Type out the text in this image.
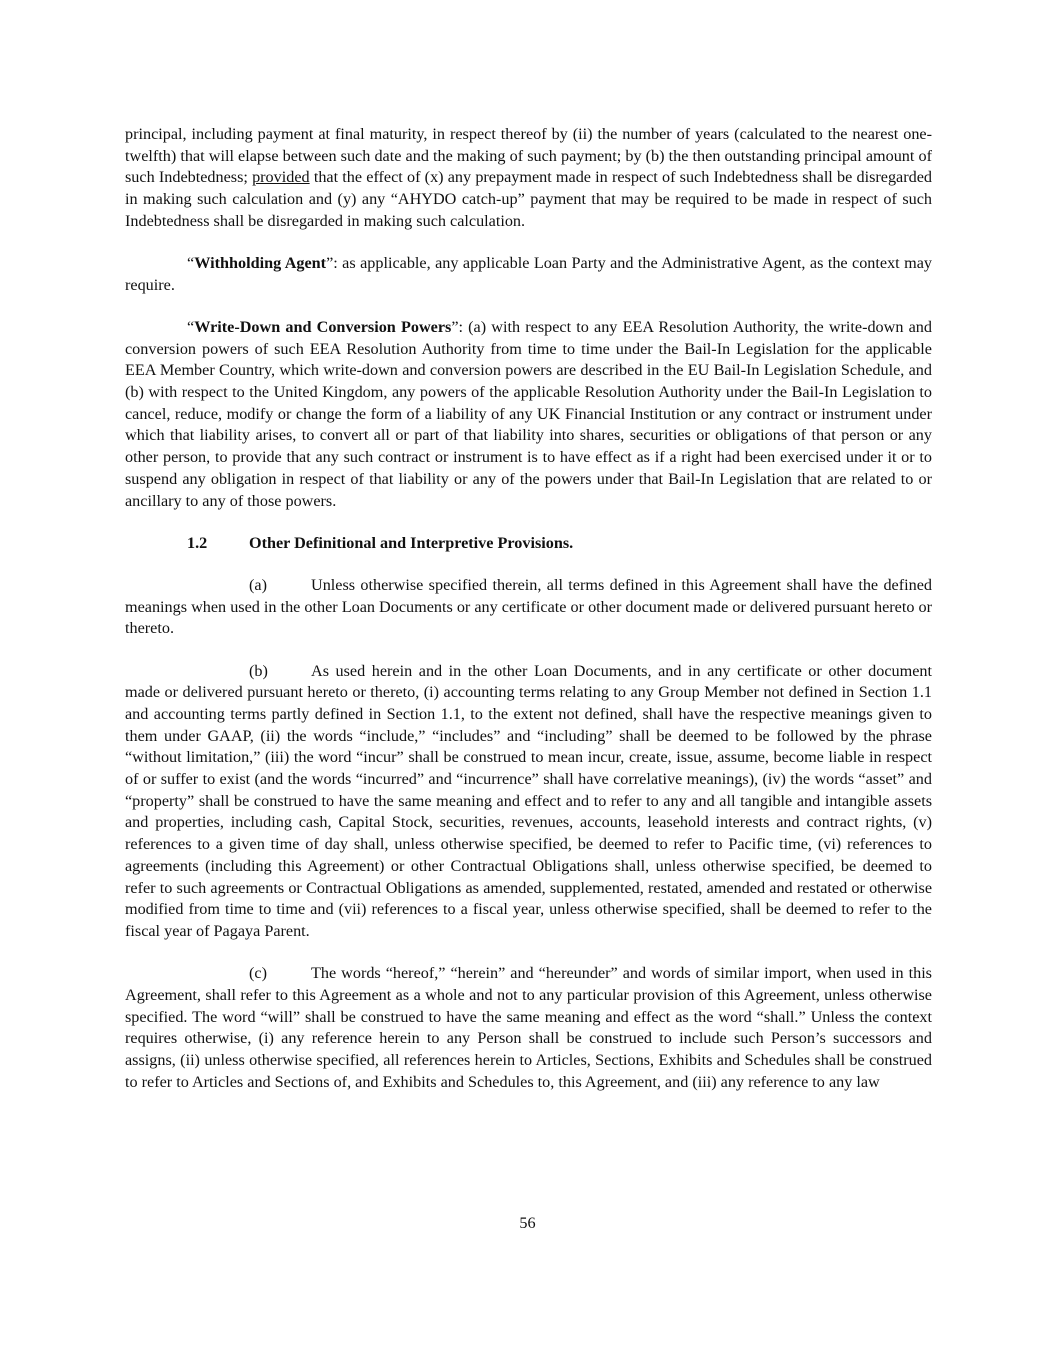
principal, including payment at final maturity, in respect thereof by (ii) the number of years (calculated to the nearest one-twelfth) that will elapse between such date and the making of such payment; by (b) the then outstanding principal amount of such Indebtedness; provided that the effect of (x) any prepayment made in respect of such Indebtedness shall be disregarded in making such calculation and (y) any “AHYDO catch-up” payment that may be required to be made in respect of such Indebtedness shall be disregarded in making such calculation.

“Withholding Agent”: as applicable, any applicable Loan Party and the Administrative Agent, as the context may require.

“Write-Down and Conversion Powers”: (a) with respect to any EEA Resolution Authority, the write-down and conversion powers of such EEA Resolution Authority from time to time under the Bail-In Legislation for the applicable EEA Member Country, which write-down and conversion powers are described in the EU Bail-In Legislation Schedule, and (b) with respect to the United Kingdom, any powers of the applicable Resolution Authority under the Bail-In Legislation to cancel, reduce, modify or change the form of a liability of any UK Financial Institution or any contract or instrument under which that liability arises, to convert all or part of that liability into shares, securities or obligations of that person or any other person, to provide that any such contract or instrument is to have effect as if a right had been exercised under it or to suspend any obligation in respect of that liability or any of the powers under that Bail-In Legislation that are related to or ancillary to any of those powers.

1.2	Other Definitional and Interpretive Provisions.

(a)	Unless otherwise specified therein, all terms defined in this Agreement shall have the defined meanings when used in the other Loan Documents or any certificate or other document made or delivered pursuant hereto or thereto.

(b)	As used herein and in the other Loan Documents, and in any certificate or other document made or delivered pursuant hereto or thereto, (i) accounting terms relating to any Group Member not defined in Section 1.1 and accounting terms partly defined in Section 1.1, to the extent not defined, shall have the respective meanings given to them under GAAP, (ii) the words “include,” “includes” and “including” shall be deemed to be followed by the phrase “without limitation,” (iii) the word “incur” shall be construed to mean incur, create, issue, assume, become liable in respect of or suffer to exist (and the words “incurred” and “incurrence” shall have correlative meanings), (iv) the words “asset” and “property” shall be construed to have the same meaning and effect and to refer to any and all tangible and intangible assets and properties, including cash, Capital Stock, securities, revenues, accounts, leasehold interests and contract rights, (v) references to a given time of day shall, unless otherwise specified, be deemed to refer to Pacific time, (vi) references to agreements (including this Agreement) or other Contractual Obligations shall, unless otherwise specified, be deemed to refer to such agreements or Contractual Obligations as amended, supplemented, restated, amended and restated or otherwise modified from time to time and (vii) references to a fiscal year, unless otherwise specified, shall be deemed to refer to the fiscal year of Pagaya Parent.

(c)	The words “hereof,” “herein” and “hereunder” and words of similar import, when used in this Agreement, shall refer to this Agreement as a whole and not to any particular provision of this Agreement, unless otherwise specified. The word “will” shall be construed to have the same meaning and effect as the word “shall.” Unless the context requires otherwise, (i) any reference herein to any Person shall be construed to include such Person’s successors and assigns, (ii) unless otherwise specified, all references herein to Articles, Sections, Exhibits and Schedules shall be construed to refer to Articles and Sections of, and Exhibits and Schedules to, this Agreement, and (iii) any reference to any law

56
